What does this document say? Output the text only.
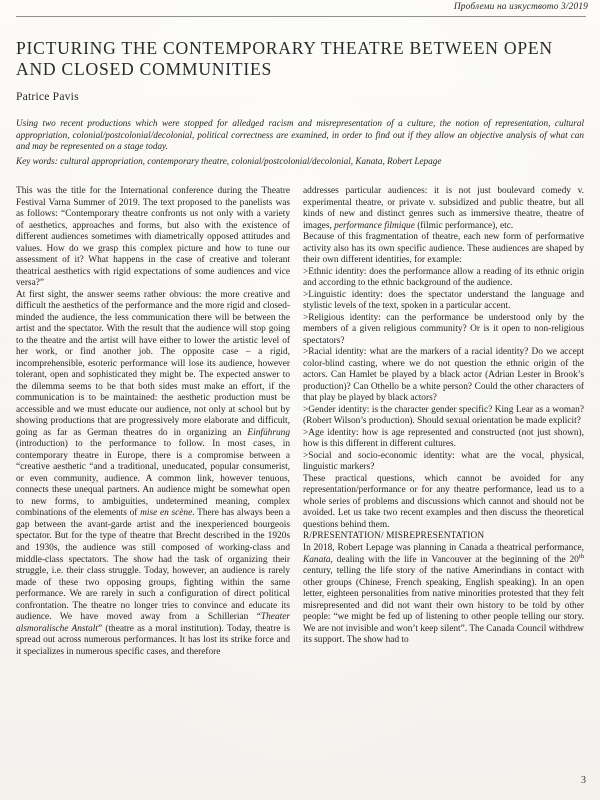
Проблеми на изкуството 3/2019
PICTURING THE CONTEMPORARY THEATRE BETWEEN OPEN AND CLOSED COMMUNITIES
Patrice Pavis
Using two recent productions which were stopped for alledged racism and misrepresentation of a culture, the notion of representation, cultural appropriation, colonial/postcolonial/decolonial, political correctness are examined, in order to find out if they allow an objective analysis of what can and may be represented on a stage today.
Key words: cultural appropriation, contemporary theatre, colonial/postcolonial/decolonial, Kanata, Robert Lepage

This was the title for the International conference during the Theatre Festival Varna Summer of 2019. The text proposed to the panelists was as follows: “Contemporary theatre confronts us not only with a variety of aesthetics, approaches and forms, but also with the existence of different audiences sometimes with diametrically opposed attitudes and values. How do we grasp this complex picture and how to tune our assessment of it? What happens in the case of creative and tolerant theatrical aesthetics with rigid expectations of some audiences and vice versa?”

At first sight, the answer seems rather obvious: the more creative and difficult the aesthetics of the performance and the more rigid and closed-minded the audience, the less communication there will be between the artist and the spectator. With the result that the audience will stop going to the theatre and the artist will have either to lower the artistic level of her work, or find another job. The opposite case – a rigid, incomprehensible, esoteric performance will lose its audience, however tolerant, open and sophisticated they might be. The expected answer to the dilemma seems to be that both sides must make an effort, if the communication is to be maintained: the aesthetic production must be accessible and we must educate our audience, not only at school but by showing productions that are progressively more elaborate and difficult, going as far as German theatres do in organizing an Einführung (introduction) to the performance to follow. In most cases, in contemporary theatre in Europe, there is a compromise between a “creative aesthetic “and a traditional, uneducated, popular consumerist, or even community, audience. A common link, however tenuous, connects these unequal partners. An audience might be somewhat open to new forms, to ambiguities, undetermined meaning, complex combinations of the elements of mise en scène. There has always been a gap between the avant-garde artist and the inexperienced bourgeois spectator. But for the type of theatre that Brecht described in the 1920s and 1930s, the audience was still composed of working-class and middle-class spectators. The show had the task of organizing their struggle, i.e. their class struggle. Today, however, an audience is rarely made of these two opposing groups, fighting within the same performance. We are rarely in such a configuration of direct political confrontation. The theatre no longer tries to convince and educate its audience. We have moved away from a Schillerian “Theater alsmoralische Anstalt” (theatre as a moral institution). Today, theatre is spread out across numerous performances. It has lost its strike force and it specializes in numerous specific cases, and therefore

addresses particular audiences: it is not just boulevard comedy v. experimental theatre, or private v. subsidized and public theatre, but all kinds of new and distinct genres such as immersive theatre, theatre of images, performance filmique (filmic performance), etc.

Because of this fragmentation of theatre, each new form of performative activity also has its own specific audience. These audiences are shaped by their own different identities, for example:

>Ethnic identity: does the performance allow a reading of its ethnic origin and according to the ethnic background of the audience.

>Linguistic identity: does the spectator understand the language and stylistic levels of the text, spoken in a particular accent.

>Religious identity: can the performance be understood only by the members of a given religious community? Or is it open to non-religious spectators?

>Racial identity: what are the markers of a racial identity? Do we accept color-blind casting, where we do not question the ethnic origin of the actors. Can Hamlet be played by a black actor (Adrian Lester in Brook’s production)? Can Othello be a white person? Could the other characters of that play be played by black actors?

>Gender identity: is the character gender specific? King Lear as a woman? (Robert Wilson’s production). Should sexual orientation be made explicit?

>Age identity: how is age represented and constructed (not just shown), how is this different in different cultures.

>Social and socio-economic identity: what are the vocal, physical, linguistic markers?

These practical questions, which cannot be avoided for any representation/performance or for any theatre performance, lead us to a whole series of problems and discussions which cannot and should not be avoided. Let us take two recent examples and then discuss the theoretical questions behind them.

R/PRESENTATION/ MISREPRESENTATION

In 2018, Robert Lepage was planning in Canada a theatrical performance, Kanata, dealing with the life in Vancouver at the beginning of the 20th century, telling the life story of the native Amerindians in contact with other groups (Chinese, French speaking, English speaking). In an open letter, eighteen personalities from native minorities protested that they felt misrepresented and did not want their own history to be told by other people: “we might be fed up of listening to other people telling our story. We are not invisible and won’t keep silent”. The Canada Council withdrew its support. The show had to

3
